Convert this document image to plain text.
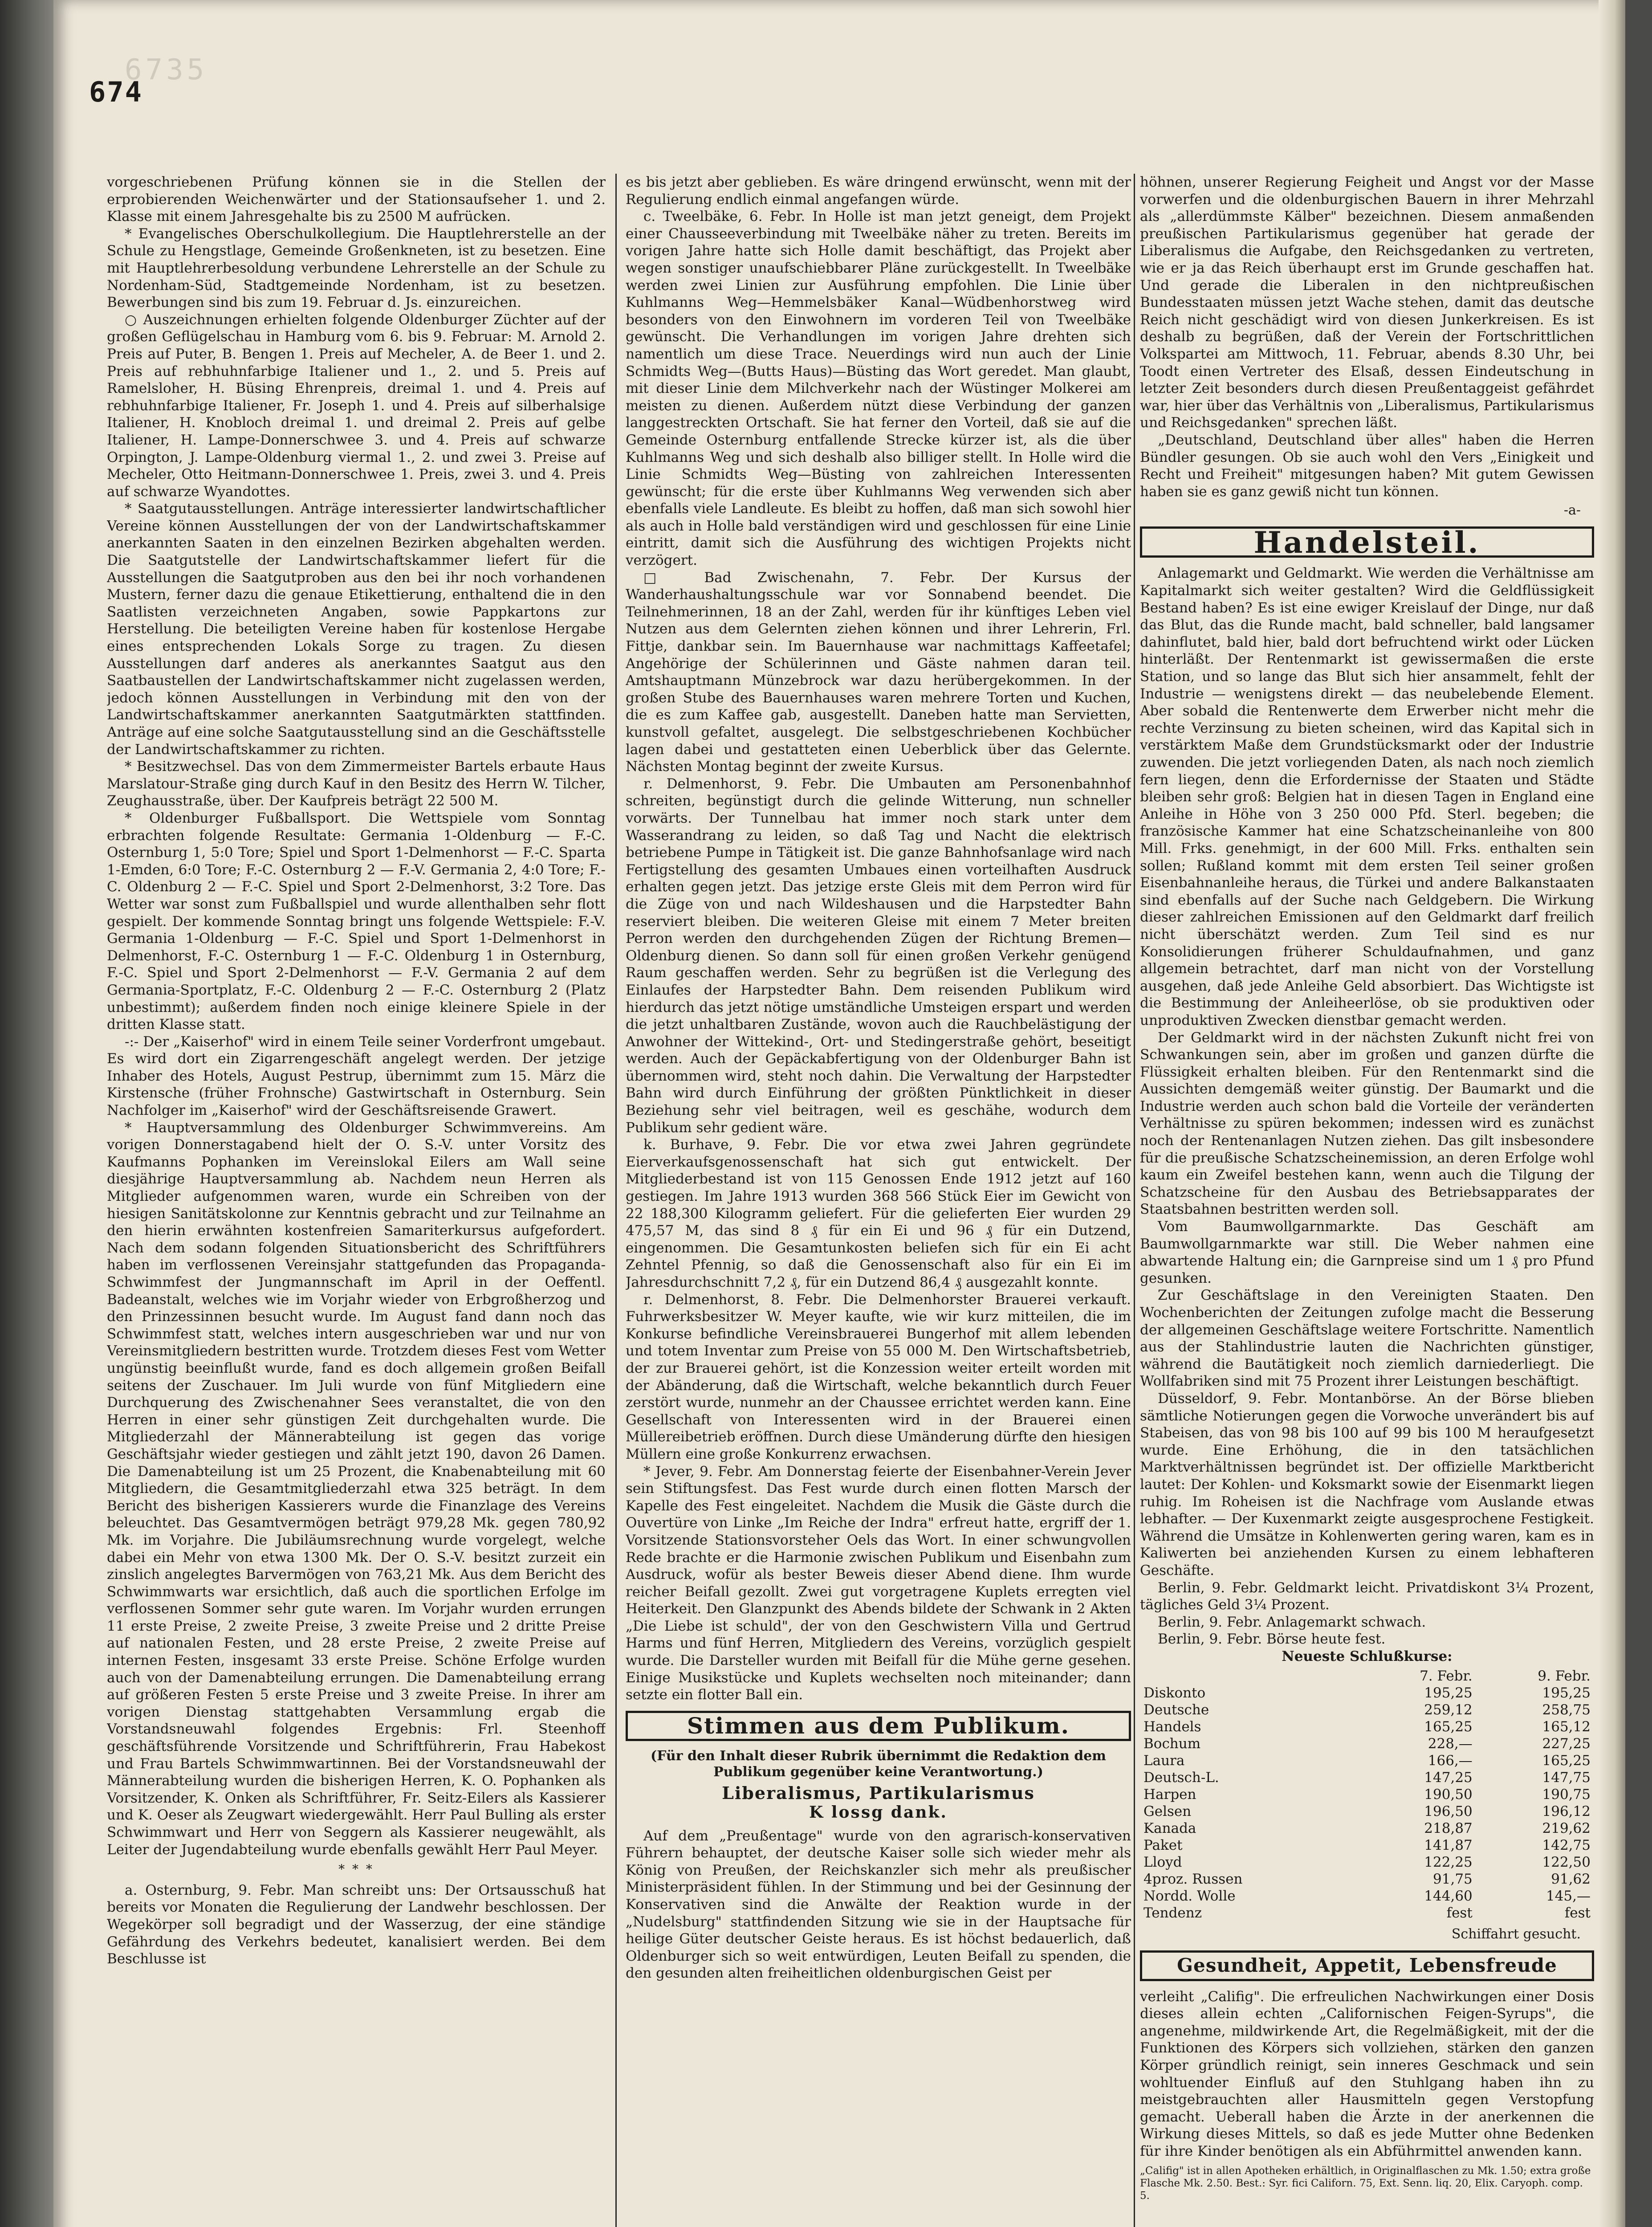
6735
674

vorgeschriebenen Prüfung können sie in die Stellen der erprobierenden Weichenwärter und der Stationsaufseher 1. und 2. Klasse mit einem Jahresgehalte bis zu 2500 M aufrücken.

* Evangelisches Oberschulkollegium. Die Hauptlehrerstelle an der Schule zu Hengstlage, Gemeinde Großenkneten, ist zu besetzen. Eine mit Hauptlehrerbesoldung verbundene Lehrerstelle an der Schule zu Nordenham-Süd, Stadtgemeinde Nordenham, ist zu besetzen. Bewerbungen sind bis zum 19. Februar d. Js. einzureichen.

○ Auszeichnungen erhielten folgende Oldenburger Züchter auf der großen Geflügelschau in Hamburg vom 6. bis 9. Februar: M. Arnold 2. Preis auf Puter, B. Bengen 1. Preis auf Mecheler, A. de Beer 1. und 2. Preis auf rebhuhnfarbige Italiener und 1., 2. und 5. Preis auf Ramelsloher, H. Büsing Ehrenpreis, dreimal 1. und 4. Preis auf rebhuhnfarbige Italiener, Fr. Joseph 1. und 4. Preis auf silberhalsige Italiener, H. Knobloch dreimal 1. und dreimal 2. Preis auf gelbe Italiener, H. Lampe-Donnerschwee 3. und 4. Preis auf schwarze Orpington, J. Lampe-Oldenburg viermal 1., 2. und zwei 3. Preise auf Mecheler, Otto Heitmann-Donnerschwee 1. Preis, zwei 3. und 4. Preis auf schwarze Wyandottes.

* Saatgutausstellungen. Anträge interessierter landwirtschaftlicher Vereine können Ausstellungen der von der Landwirtschaftskammer anerkannten Saaten in den einzelnen Bezirken abgehalten werden. Die Saatgutstelle der Landwirtschaftskammer liefert für die Ausstellungen die Saatgutproben aus den bei ihr noch vorhandenen Mustern, ferner dazu die genaue Etikettierung, enthaltend die in den Saatlisten verzeichneten Angaben, sowie Pappkartons zur Herstellung. Die beteiligten Vereine haben für kostenlose Hergabe eines entsprechenden Lokals Sorge zu tragen. Zu diesen Ausstellungen darf anderes als anerkanntes Saatgut aus den Saatbaustellen der Landwirtschaftskammer nicht zugelassen werden, jedoch können Ausstellungen in Verbindung mit den von der Landwirtschaftskammer anerkannten Saatgutmärkten stattfinden. Anträge auf eine solche Saatgutausstellung sind an die Geschäftsstelle der Landwirtschaftskammer zu richten.

* Besitzwechsel. Das von dem Zimmermeister Bartels erbaute Haus Marslatour-Straße ging durch Kauf in den Besitz des Herrn W. Tilcher, Zeughausstraße, über. Der Kaufpreis beträgt 22 500 M.

* Oldenburger Fußballsport. Die Wettspiele vom Sonntag erbrachten folgende Resultate: Germania 1-Oldenburg — F.-C. Osternburg 1, 5:0 Tore; Spiel und Sport 1-Delmenhorst — F.-C. Sparta 1-Emden, 6:0 Tore; F.-C. Osternburg 2 — F.-V. Germania 2, 4:0 Tore; F.-C. Oldenburg 2 — F.-C. Spiel und Sport 2-Delmenhorst, 3:2 Tore. Das Wetter war sonst zum Fußballspiel und wurde allenthalben sehr flott gespielt. Der kommende Sonntag bringt uns folgende Wettspiele: F.-V. Germania 1-Oldenburg — F.-C. Spiel und Sport 1-Delmenhorst in Delmenhorst, F.-C. Osternburg 1 — F.-C. Oldenburg 1 in Osternburg, F.-C. Spiel und Sport 2-Delmenhorst — F.-V. Germania 2 auf dem Germania-Sportplatz, F.-C. Oldenburg 2 — F.-C. Osternburg 2 (Platz unbestimmt); außerdem finden noch einige kleinere Spiele in der dritten Klasse statt.

-:- Der „Kaiserhof" wird in einem Teile seiner Vorderfront umgebaut. Es wird dort ein Zigarrengeschäft angelegt werden. Der jetzige Inhaber des Hotels, August Pestrup, übernimmt zum 15. März die Kirstensche (früher Frohnsche) Gastwirtschaft in Osternburg. Sein Nachfolger im „Kaiserhof" wird der Geschäftsreisende Grawert.

* Hauptversammlung des Oldenburger Schwimmvereins. Am vorigen Donnerstagabend hielt der O. S.-V. unter Vorsitz des Kaufmanns Pophanken im Vereinslokal Eilers am Wall seine diesjährige Hauptversammlung ab. Nachdem neun Herren als Mitglieder aufgenommen waren, wurde ein Schreiben von der hiesigen Sanitätskolonne zur Kenntnis gebracht und zur Teilnahme an den hierin erwähnten kostenfreien Samariterkursus aufgefordert. Nach dem sodann folgenden Situationsbericht des Schriftführers haben im verflossenen Vereinsjahr stattgefunden das Propaganda-Schwimmfest der Jungmannschaft im April in der Oeffentl. Badeanstalt, welches wie im Vorjahr wieder von Erbgroßherzog und den Prinzessinnen besucht wurde. Im August fand dann noch das Schwimmfest statt, welches intern ausgeschrieben war und nur von Vereinsmitgliedern bestritten wurde. Trotzdem dieses Fest vom Wetter ungünstig beeinflußt wurde, fand es doch allgemein großen Beifall seitens der Zuschauer. Im Juli wurde von fünf Mitgliedern eine Durchquerung des Zwischenahner Sees veranstaltet, die von den Herren in einer sehr günstigen Zeit durchgehalten wurde. Die Mitgliederzahl der Männerabteilung ist gegen das vorige Geschäftsjahr wieder gestiegen und zählt jetzt 190, davon 26 Damen. Die Damenabteilung ist um 25 Prozent, die Knabenabteilung mit 60 Mitgliedern, die Gesamtmitgliederzahl etwa 325 beträgt. In dem Bericht des bisherigen Kassierers wurde die Finanzlage des Vereins beleuchtet. Das Gesamtvermögen beträgt 979,28 Mk. gegen 780,92 Mk. im Vorjahre. Die Jubiläumsrechnung wurde vorgelegt, welche dabei ein Mehr von etwa 1300 Mk. Der O. S.-V. besitzt zurzeit ein zinslich angelegtes Barvermögen von 763,21 Mk. Aus dem Bericht des Schwimmwarts war ersichtlich, daß auch die sportlichen Erfolge im verflossenen Sommer sehr gute waren. Im Vorjahr wurden errungen 11 erste Preise, 2 zweite Preise, 3 zweite Preise und 2 dritte Preise auf nationalen Festen, und 28 erste Preise, 2 zweite Preise auf internen Festen, insgesamt 33 erste Preise. Schöne Erfolge wurden auch von der Damenabteilung errungen. Die Damenabteilung errang auf größeren Festen 5 erste Preise und 3 zweite Preise. In ihrer am vorigen Dienstag stattgehabten Versammlung ergab die Vorstandsneuwahl folgendes Ergebnis: Frl. Steenhoff geschäftsführende Vorsitzende und Schriftführerin, Frau Habekost und Frau Bartels Schwimmwartinnen. Bei der Vorstandsneuwahl der Männerabteilung wurden die bisherigen Herren, K. O. Pophanken als Vorsitzender, K. Onken als Schriftführer, Fr. Seitz-Eilers als Kassierer und K. Oeser als Zeugwart wiedergewählt. Herr Paul Bulling als erster Schwimmwart und Herr von Seggern als Kassierer neugewählt, als Leiter der Jugendabteilung wurde ebenfalls gewählt Herr Paul Meyer.

* * *

a. Osternburg, 9. Febr. Man schreibt uns: Der Ortsausschuß hat bereits vor Monaten die Regulierung der Landwehr beschlossen. Der Wegekörper soll begradigt und der Wasserzug, der eine ständige Gefährdung des Verkehrs bedeutet, kanalisiert werden. Bei dem Beschlusse ist

es bis jetzt aber geblieben. Es wäre dringend erwünscht, wenn mit der Regulierung endlich einmal angefangen würde.

c. Tweelbäke, 6. Febr. In Holle ist man jetzt geneigt, dem Projekt einer Chausseeverbindung mit Tweelbäke näher zu treten. Bereits im vorigen Jahre hatte sich Holle damit beschäftigt, das Projekt aber wegen sonstiger unaufschiebbarer Pläne zurückgestellt. In Tweelbäke werden zwei Linien zur Ausführung empfohlen. Die Linie über Kuhlmanns Weg—Hemmelsbäker Kanal—Wüdbenhorstweg wird besonders von den Einwohnern im vorderen Teil von Tweelbäke gewünscht. Die Verhandlungen im vorigen Jahre drehten sich namentlich um diese Trace. Neuerdings wird nun auch der Linie Schmidts Weg—(Butts Haus)—Büsting das Wort geredet. Man glaubt, mit dieser Linie dem Milchverkehr nach der Wüstinger Molkerei am meisten zu dienen. Außerdem nützt diese Verbindung der ganzen langgestreckten Ortschaft. Sie hat ferner den Vorteil, daß sie auf die Gemeinde Osternburg entfallende Strecke kürzer ist, als die über Kuhlmanns Weg und sich deshalb also billiger stellt. In Holle wird die Linie Schmidts Weg—Büsting von zahlreichen Interessenten gewünscht; für die erste über Kuhlmanns Weg verwenden sich aber ebenfalls viele Landleute. Es bleibt zu hoffen, daß man sich sowohl hier als auch in Holle bald verständigen wird und geschlossen für eine Linie eintritt, damit sich die Ausführung des wichtigen Projekts nicht verzögert.

□ Bad Zwischenahn, 7. Febr. Der Kursus der Wanderhaushaltungsschule war vor Sonnabend beendet. Die Teilnehmerinnen, 18 an der Zahl, werden für ihr künftiges Leben viel Nutzen aus dem Gelernten ziehen können und ihrer Lehrerin, Frl. Fittje, dankbar sein. Im Bauernhause war nachmittags Kaffeetafel; Angehörige der Schülerinnen und Gäste nahmen daran teil. Amtshauptmann Münzebrock war dazu herübergekommen. In der großen Stube des Bauernhauses waren mehrere Torten und Kuchen, die es zum Kaffee gab, ausgestellt. Daneben hatte man Servietten, kunstvoll gefaltet, ausgelegt. Die selbstgeschriebenen Kochbücher lagen dabei und gestatteten einen Ueberblick über das Gelernte. Nächsten Montag beginnt der zweite Kursus.

r. Delmenhorst, 9. Febr. Die Umbauten am Personenbahnhof schreiten, begünstigt durch die gelinde Witterung, nun schneller vorwärts. Der Tunnelbau hat immer noch stark unter dem Wasserandrang zu leiden, so daß Tag und Nacht die elektrisch betriebene Pumpe in Tätigkeit ist. Die ganze Bahnhofsanlage wird nach Fertigstellung des gesamten Umbaues einen vorteilhaften Ausdruck erhalten gegen jetzt. Das jetzige erste Gleis mit dem Perron wird für die Züge von und nach Wildeshausen und die Harpstedter Bahn reserviert bleiben. Die weiteren Gleise mit einem 7 Meter breiten Perron werden den durchgehenden Zügen der Richtung Bremen—Oldenburg dienen. So dann soll für einen großen Verkehr genügend Raum geschaffen werden. Sehr zu begrüßen ist die Verlegung des Einlaufes der Harpstedter Bahn. Dem reisenden Publikum wird hierdurch das jetzt nötige umständliche Umsteigen erspart und werden die jetzt unhaltbaren Zustände, wovon auch die Rauchbelästigung der Anwohner der Wittekind-, Ort- und Stedingerstraße gehört, beseitigt werden. Auch der Gepäckabfertigung von der Oldenburger Bahn ist übernommen wird, steht noch dahin. Die Verwaltung der Harpstedter Bahn wird durch Einführung der größten Pünktlichkeit in dieser Beziehung sehr viel beitragen, weil es geschähe, wodurch dem Publikum sehr gedient wäre.

k. Burhave, 9. Febr. Die vor etwa zwei Jahren gegründete Eierverkaufsgenossenschaft hat sich gut entwickelt. Der Mitgliederbestand ist von 115 Genossen Ende 1912 jetzt auf 160 gestiegen. Im Jahre 1913 wurden 368 566 Stück Eier im Gewicht von 22 188,300 Kilogramm geliefert. Für die gelieferten Eier wurden 29 475,57 M, das sind 8 ₰ für ein Ei und 96 ₰ für ein Dutzend, eingenommen. Die Gesamtunkosten beliefen sich für ein Ei acht Zehntel Pfennig, so daß die Genossenschaft also für ein Ei im Jahresdurchschnitt 7,2 ₰, für ein Dutzend 86,4 ₰ ausgezahlt konnte.

r. Delmenhorst, 8. Febr. Die Delmenhorster Brauerei verkauft. Fuhrwerksbesitzer W. Meyer kaufte, wie wir kurz mitteilen, die im Konkurse befindliche Vereinsbrauerei Bungerhof mit allem lebenden und totem Inventar zum Preise von 55 000 M. Den Wirtschaftsbetrieb, der zur Brauerei gehört, ist die Konzession weiter erteilt worden mit der Abänderung, daß die Wirtschaft, welche bekanntlich durch Feuer zerstört wurde, nunmehr an der Chaussee errichtet werden kann. Eine Gesellschaft von Interessenten wird in der Brauerei einen Müllereibetrieb eröffnen. Durch diese Umänderung dürfte den hiesigen Müllern eine große Konkurrenz erwachsen.

* Jever, 9. Febr. Am Donnerstag feierte der Eisenbahner-Verein Jever sein Stiftungsfest. Das Fest wurde durch einen flotten Marsch der Kapelle des Fest eingeleitet. Nachdem die Musik die Gäste durch die Ouvertüre von Linke „Im Reiche der Indra" erfreut hatte, ergriff der 1. Vorsitzende Stationsvorsteher Oels das Wort. In einer schwungvollen Rede brachte er die Harmonie zwischen Publikum und Eisenbahn zum Ausdruck, wofür als bester Beweis dieser Abend diene. Ihm wurde reicher Beifall gezollt. Zwei gut vorgetragene Kuplets erregten viel Heiterkeit. Den Glanzpunkt des Abends bildete der Schwank in 2 Akten „Die Liebe ist schuld", der von den Geschwistern Villa und Gertrud Harms und fünf Herren, Mitgliedern des Vereins, vorzüglich gespielt wurde. Die Darsteller wurden mit Beifall für die Mühe gerne gesehen. Einige Musikstücke und Kuplets wechselten noch miteinander; dann setzte ein flotter Ball ein.

Stimmen aus dem Publikum.
(Für den Inhalt dieser Rubrik übernimmt die Redaktion dem Publikum gegenüber keine Verantwortung.)
Liberalismus, Partikularismus
K lossg dank.

Auf dem „Preußentage" wurde von den agrarisch-konservativen Führern behauptet, der deutsche Kaiser solle sich wieder mehr als König von Preußen, der Reichskanzler sich mehr als preußischer Ministerpräsident fühlen. In der Stimmung und bei der Gesinnung der Konservativen sind die Anwälte der Reaktion wurde in der „Nudelsburg" stattfindenden Sitzung wie sie in der Hauptsache für heilige Güter deutscher Geiste heraus. Es ist höchst bedauerlich, daß Oldenburger sich so weit entwürdigen, Leuten Beifall zu spenden, die den gesunden alten freiheitlichen oldenburgischen Geist per

höhnen, unserer Regierung Feigheit und Angst vor der Masse vorwerfen und die oldenburgischen Bauern in ihrer Mehrzahl als „allerdümmste Kälber" bezeichnen. Diesem anmaßenden preußischen Partikularismus gegenüber hat gerade der Liberalismus die Aufgabe, den Reichsgedanken zu vertreten, wie er ja das Reich überhaupt erst im Grunde geschaffen hat. Und gerade die Liberalen in den nichtpreußischen Bundesstaaten müssen jetzt Wache stehen, damit das deutsche Reich nicht geschädigt wird von diesen Junkerkreisen. Es ist deshalb zu begrüßen, daß der Verein der Fortschrittlichen Volkspartei am Mittwoch, 11. Februar, abends 8.30 Uhr, bei Toodt einen Vertreter des Elsaß, dessen Eindeutschung in letzter Zeit besonders durch diesen Preußentaggeist gefährdet war, hier über das Verhältnis von „Liberalismus, Partikularismus und Reichsgedanken" sprechen läßt.

„Deutschland, Deutschland über alles" haben die Herren Bündler gesungen. Ob sie auch wohl den Vers „Einigkeit und Recht und Freiheit" mitgesungen haben? Mit gutem Gewissen haben sie es ganz gewiß nicht tun können.

-a-
Handelsteil.

Anlagemarkt und Geldmarkt. Wie werden die Verhältnisse am Kapitalmarkt sich weiter gestalten? Wird die Geldflüssigkeit Bestand haben? Es ist eine ewiger Kreislauf der Dinge, nur daß das Blut, das die Runde macht, bald schneller, bald langsamer dahinflutet, bald hier, bald dort befruchtend wirkt oder Lücken hinterläßt. Der Rentenmarkt ist gewissermaßen die erste Station, und so lange das Blut sich hier ansammelt, fehlt der Industrie — wenigstens direkt — das neubelebende Element. Aber sobald die Rentenwerte dem Erwerber nicht mehr die rechte Verzinsung zu bieten scheinen, wird das Kapital sich in verstärktem Maße dem Grundstücksmarkt oder der Industrie zuwenden. Die jetzt vorliegenden Daten, als nach noch ziemlich fern liegen, denn die Erfordernisse der Staaten und Städte bleiben sehr groß: Belgien hat in diesen Tagen in England eine Anleihe in Höhe von 3 250 000 Pfd. Sterl. begeben; die französische Kammer hat eine Schatzscheinanleihe von 800 Mill. Frks. genehmigt, in der 600 Mill. Frks. enthalten sein sollen; Rußland kommt mit dem ersten Teil seiner großen Eisenbahnanleihe heraus, die Türkei und andere Balkanstaaten sind ebenfalls auf der Suche nach Geldgebern. Die Wirkung dieser zahlreichen Emissionen auf den Geldmarkt darf freilich nicht überschätzt werden. Zum Teil sind es nur Konsolidierungen früherer Schuldaufnahmen, und ganz allgemein betrachtet, darf man nicht von der Vorstellung ausgehen, daß jede Anleihe Geld absorbiert. Das Wichtigste ist die Bestimmung der Anleiheerlöse, ob sie produktiven oder unproduktiven Zwecken dienstbar gemacht werden.

Der Geldmarkt wird in der nächsten Zukunft nicht frei von Schwankungen sein, aber im großen und ganzen dürfte die Flüssigkeit erhalten bleiben. Für den Rentenmarkt sind die Aussichten demgemäß weiter günstig. Der Baumarkt und die Industrie werden auch schon bald die Vorteile der veränderten Verhältnisse zu spüren bekommen; indessen wird es zunächst noch der Rentenanlagen Nutzen ziehen. Das gilt insbesondere für die preußische Schatzscheinemission, an deren Erfolge wohl kaum ein Zweifel bestehen kann, wenn auch die Tilgung der Schatzscheine für den Ausbau des Betriebsapparates der Staatsbahnen bestritten werden soll.

Vom Baumwollgarnmarkte. Das Geschäft am Baumwollgarnmarkte war still. Die Weber nahmen eine abwartende Haltung ein; die Garnpreise sind um 1 ₰ pro Pfund gesunken.

Zur Geschäftslage in den Vereinigten Staaten. Den Wochenberichten der Zeitungen zufolge macht die Besserung der allgemeinen Geschäftslage weitere Fortschritte. Namentlich aus der Stahlindustrie lauten die Nachrichten günstiger, während die Bautätigkeit noch ziemlich darniederliegt. Die Wollfabriken sind mit 75 Prozent ihrer Leistungen beschäftigt.

Düsseldorf, 9. Febr. Montanbörse. An der Börse blieben sämtliche Notierungen gegen die Vorwoche unverändert bis auf Stabeisen, das von 98 bis 100 auf 99 bis 100 M heraufgesetzt wurde. Eine Erhöhung, die in den tatsächlichen Marktverhältnissen begründet ist. Der offizielle Marktbericht lautet: Der Kohlen- und Koksmarkt sowie der Eisenmarkt liegen ruhig. Im Roheisen ist die Nachfrage vom Auslande etwas lebhafter. — Der Kuxenmarkt zeigte ausgesprochene Festigkeit. Während die Umsätze in Kohlenwerten gering waren, kam es in Kaliwerten bei anziehenden Kursen zu einem lebhafteren Geschäfte.

Berlin, 9. Febr. Geldmarkt leicht. Privatdiskont 3¼ Prozent, tägliches Geld 3¼ Prozent.

Berlin, 9. Febr. Anlagemarkt schwach.

Berlin, 9. Febr. Börse heute fest.

Neueste Schlußkurse:
	7. Febr.	9. Febr.
Diskonto	195,25	195,25
Deutsche	259,12	258,75
Handels	165,25	165,12
Bochum	228,—	227,25
Laura	166,—	165,25
Deutsch-L.	147,25	147,75
Harpen	190,50	190,75
Gelsen	196,50	196,12
Kanada	218,87	219,62
Paket	141,87	142,75
Lloyd	122,25	122,50
4proz. Russen	91,75	91,62
Nordd. Wolle	144,60	145,—
Tendenz	fest	fest
Schiffahrt gesucht.
Gesundheit, Appetit, Lebensfreude

verleiht „Califig". Die erfreulichen Nachwirkungen einer Dosis dieses allein echten „Californischen Feigen-Syrups", die angenehme, mildwirkende Art, die Regelmäßigkeit, mit der die Funktionen des Körpers sich vollziehen, stärken den ganzen Körper gründlich reinigt, sein inneres Geschmack und sein wohltuender Einfluß auf den Stuhlgang haben ihn zu meistgebrauchten aller Hausmitteln gegen Verstopfung gemacht. Ueberall haben die Ärzte in der anerkennen die Wirkung dieses Mittels, so daß es jede Mutter ohne Bedenken für ihre Kinder benötigen als ein Abführmittel anwenden kann.

„Califig" ist in allen Apotheken erhältlich, in Originalflaschen zu Mk. 1.50; extra große Flasche Mk. 2.50. Best.: Syr. fici Californ. 75, Ext. Senn. liq. 20, Elix. Caryoph. comp. 5.
